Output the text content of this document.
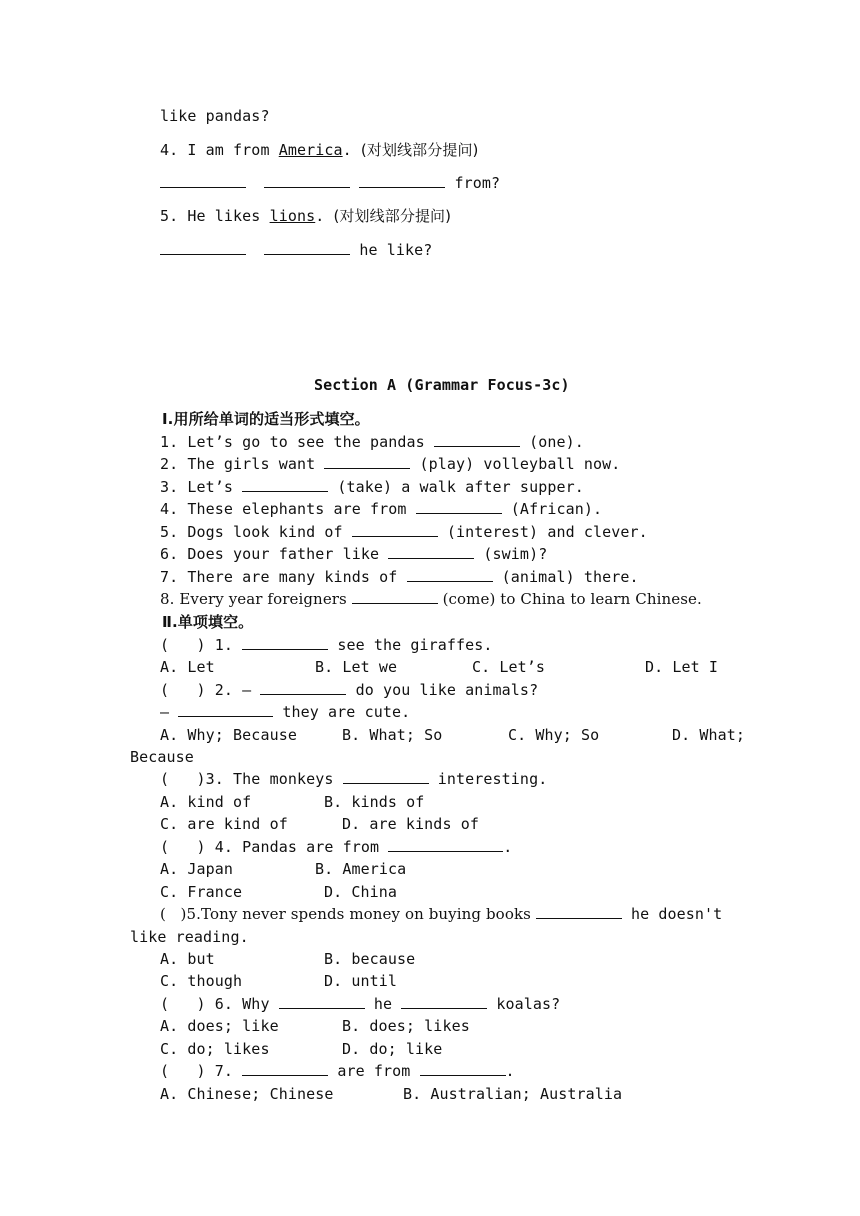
like pandas?
4. I am from America. (对划线部分提问)
from?
5. He likes lions. (对划线部分提问)
he like?
Section A (Grammar Focus-3c)
Ⅰ.用所给单词的适当形式填空。
1. Let’s go to see the pandas	(one).
2. The girls want	(play) volleyball now.
3. Let’s	(take) a walk after supper.
4. These elephants are from	(African).
5. Dogs look kind of	(interest) and clever.
6. Does your father like	(swim)?
7. There are many kinds of	(animal) there.
8. Every year foreigners	(come) to China to learn Chinese.
Ⅱ.单项填空。
(   ) 1.	see the giraffes.
A. Let	B. Let we	C. Let’s	D. Let I
(   ) 2. —	do you like animals?
—	they are cute.
A. Why; Because	B. What; So	C. Why; So	D. What;
Because
(   )3. The monkeys	interesting.
A. kind of	B. kinds of
C. are kind of	D. are kinds of
(   ) 4. Pandas are from	.
A. Japan	B. America
C. France	D. China
(   )5.Tony never spends money on buying books	he doesn't
like reading.
A. but	B. because
C. though	D. until
(   ) 6. Why	he	koalas?
A. does; like	B. does; likes
C. do; likes	D. do; like
(   ) 7.	are from	.
A. Chinese; Chinese	B. Australian; Australia
